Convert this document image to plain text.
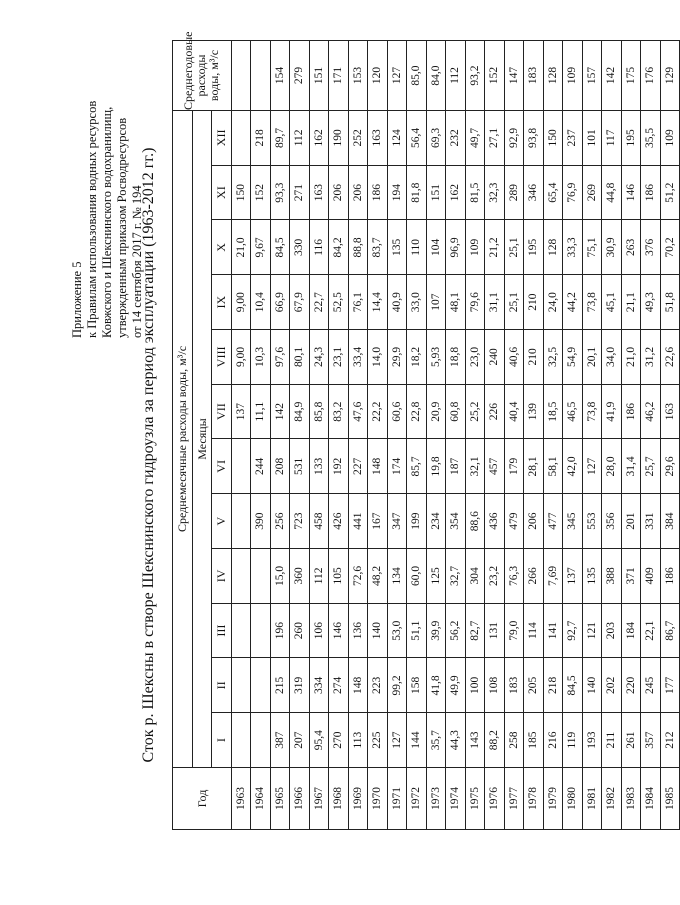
Приложение 5 к Правилам использования водных ресурсов Ковжского и Шекснинского водохранилищ, утвержденным приказом Росводресурсов от 14 сентября 2017 г. № 194
Сток р. Шексны в створе Шекснинского гидроузла за период эксплуатации (1963-2012 гг.)
Год	Среднемесячные расходы воды, м³/с												Среднегодовые расходы воды, м³/с
	Месяцы												
	I	II	III	IV	V	VI	VII	VIII	IX	X	XI	XII	
1963							137	9,00	9,00	21,0	150		
1964					390	244	11,1	10,3	10,4	9,67	152	218	
1965	387	215	196	15,0	256	208	142	97,6	66,9	84,5	93,3	89,7	154
1966	207	319	260	360	723	531	84,9	80,1	67,9	330	271	112	279
1967	95,4	334	106	112	458	133	85,8	24,3	22,7	116	163	162	151
1968	270	274	146	105	426	192	83,2	23,1	52,5	84,2	206	190	171
1969	113	148	136	72,6	441	227	47,6	33,4	76,1	88,8	206	252	153
1970	225	223	140	48,2	167	148	22,2	14,0	14,4	83,7	186	163	120
1971	127	99,2	53,0	134	347	174	60,6	29,9	40,9	135	194	124	127
1972	144	158	51,1	60,0	199	85,7	22,8	18,2	33,0	110	81,8	56,4	85,0
1973	35,7	41,8	39,9	125	234	19,8	20,9	5,93	107	104	151	69,3	84,0
1974	44,3	49,9	56,2	32,7	354	187	60,8	18,8	48,1	96,9	162	232	112
1975	143	100	82,7	304	88,6	32,1	25,2	23,0	79,6	109	81,5	49,7	93,2
1976	88,2	108	131	23,2	436	457	226	240	31,1	21,2	32,3	27,1	152
1977	258	183	79,0	76,3	479	179	40,4	40,6	25,1	25,1	289	92,9	147
1978	185	205	114	266	206	28,1	139	210	210	195	346	93,8	183
1979	216	218	141	7,69	477	58,1	18,5	32,5	24,0	128	65,4	150	128
1980	119	84,5	92,7	137	345	42,0	46,5	54,9	44,2	33,3	76,9	237	109
1981	193	140	121	135	553	127	73,8	20,1	73,8	75,1	269	101	157
1982	211	202	203	388	356	28,0	41,9	34,0	45,1	30,9	44,8	117	142
1983	261	220	184	371	201	31,4	186	21,0	21,1	263	146	195	175
1984	357	245	22,1	409	331	25,7	46,2	31,2	49,3	376	186	35,5	176
1985	212	177	86,7	186	384	29,6	163	22,6	51,8	70,2	51,2	109	129
